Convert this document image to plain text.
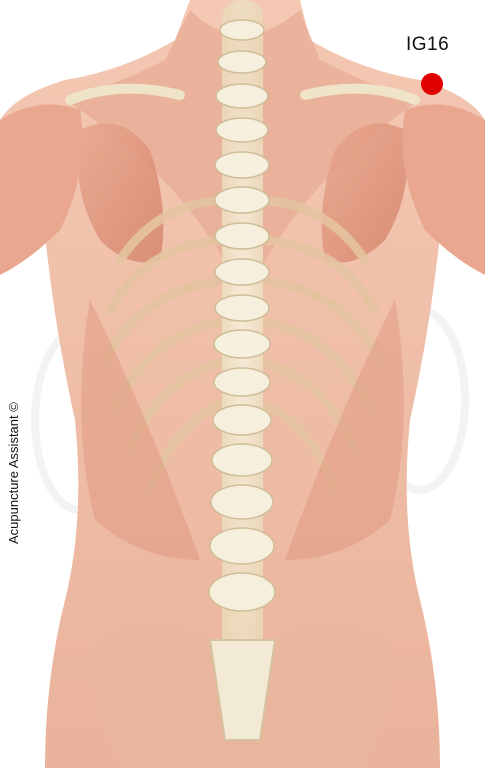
IG16
Acupuncture Assistant ©
